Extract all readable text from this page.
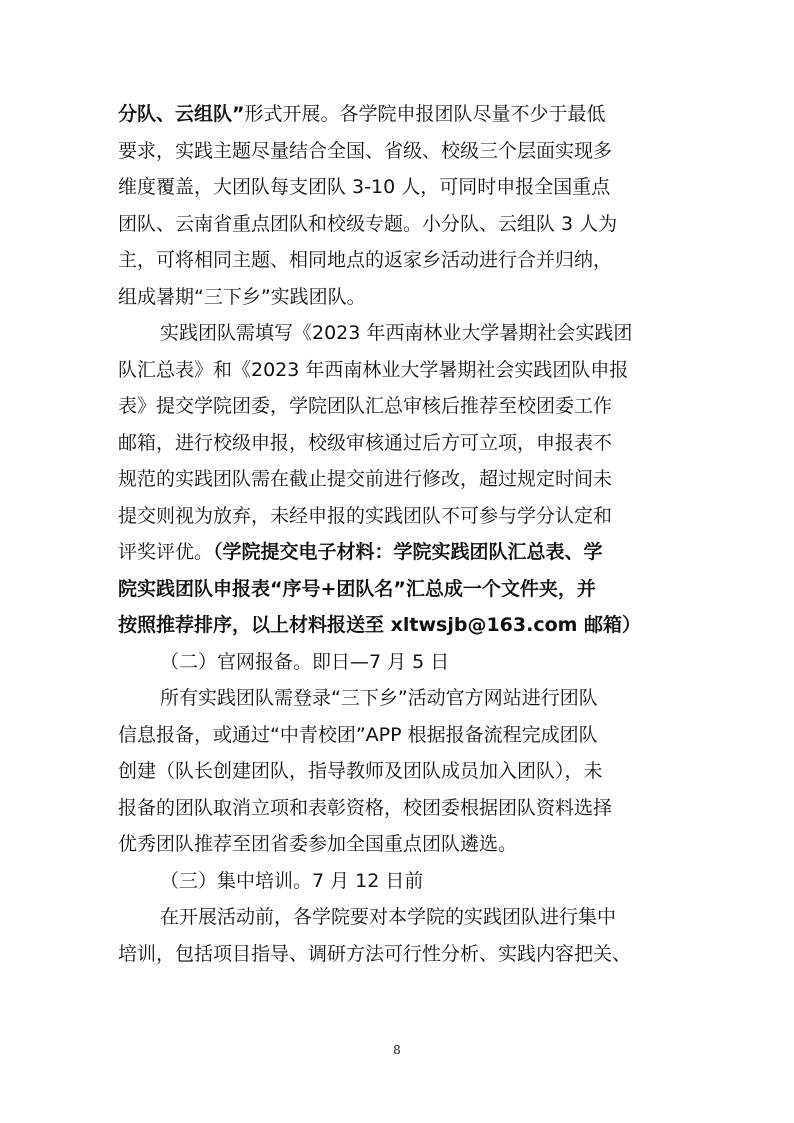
分队、云组队”形式开展。各学院申报团队尽量不少于最低
要求，实践主题尽量结合全国、省级、校级三个层面实现多
维度覆盖，大团队每支团队 3-10 人，可同时申报全国重点
团队、云南省重点团队和校级专题。小分队、云组队 3 人为
主，可将相同主题、相同地点的返家乡活动进行合并归纳，
组成暑期“三下乡”实践团队。
实践团队需填写《2023 年西南林业大学暑期社会实践团
队汇总表》和《2023 年西南林业大学暑期社会实践团队申报
表》提交学院团委，学院团队汇总审核后推荐至校团委工作
邮箱，进行校级申报，校级审核通过后方可立项，申报表不
规范的实践团队需在截止提交前进行修改，超过规定时间未
提交则视为放弃，未经申报的实践团队不可参与学分认定和
评奖评优。（学院提交电子材料：学院实践团队汇总表、学
院实践团队申报表“序号+团队名”汇总成一个文件夹，并
按照推荐排序，以上材料报送至 xltwsjb@163.com 邮箱）
（二）官网报备。即日—7 月 5 日
所有实践团队需登录“三下乡”活动官方网站进行团队
信息报备，或通过“中青校团”APP 根据报备流程完成团队
创建（队长创建团队，指导教师及团队成员加入团队），未
报备的团队取消立项和表彰资格，校团委根据团队资料选择
优秀团队推荐至团省委参加全国重点团队遴选。
（三）集中培训。7 月 12 日前
在开展活动前，各学院要对本学院的实践团队进行集中
培训，包括项目指导、调研方法可行性分析、实践内容把关、
8
